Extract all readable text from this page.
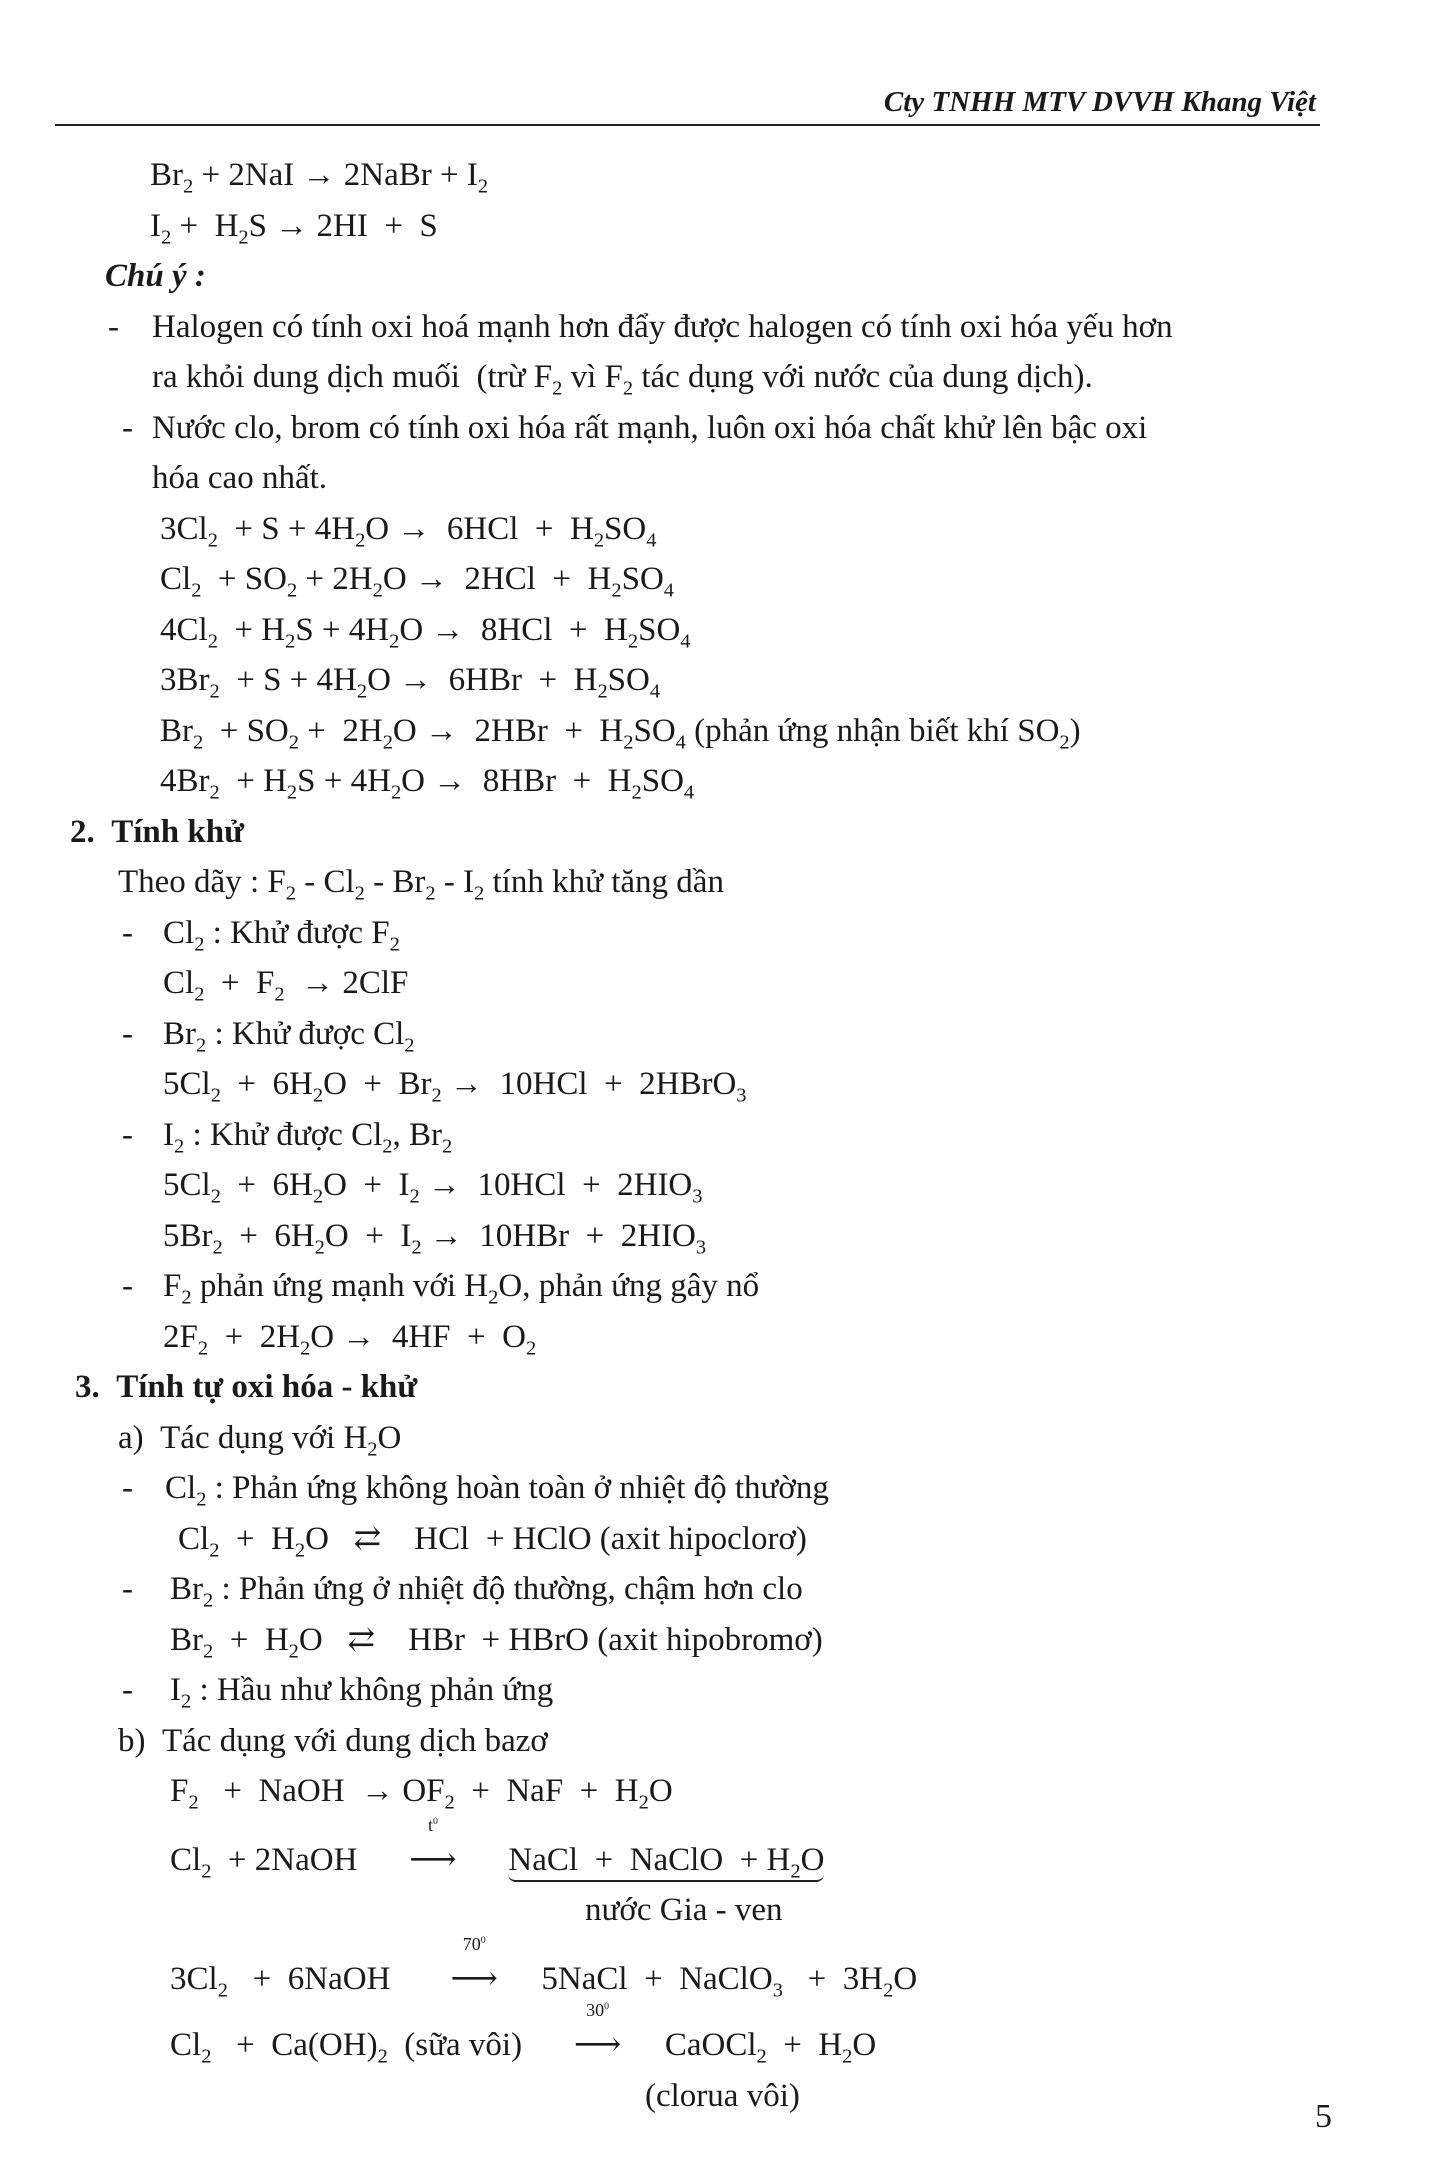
Cty TNHH MTV DVVH Khang Việt
$Br_2 + 2NaI$ → 2NaBr + $I_2$
$I_2 + H_2S \to 2HI + S$
Chú ý :
- Halogen có tính oxi hoá mạnh hơn đẩy được halogen có tính oxi hóa yếu hơn
ra khỏi dung dịch muối  (trừ $F_2$ vì $F_2$ tác dụng với nước của dung dịch).
- Nước clo, brom có tính oxi hóa rất mạnh, luôn oxi hóa chất khử lên bậc oxi
hóa cao nhất.
$3Cl_2 + S + 4H_2O \to 6HCl + H_2SO_4$
$Cl_2 + SO_2 + 2H_2O \to 2HCl + H_2SO_4$
$4Cl_2 + H_2S + 4H_2O \to 8HCl + H_2SO_4$
$3Br_2 + S + 4H_2O \to 6HBr + H_2SO_4$
$Br_2 + SO_2 + 2H_2O \to 2HBr + H_2SO_4$ (phản ứng nhận biết khí $SO_2$)
$4Br_2 + H_2S + 4H_2O \to 8HBr + H_2SO_4$
2.  Tính khử
Theo dãy : $F_2 - Cl_2 - Br_2 - I_2$ tính khử tăng dần
- $Cl_2$ : Khử được $F_2$
$Cl_2 + F_2 \to 2ClF$
- $Br_2$ : Khử được $Cl_2$
$5Cl_2 + 6H_2O + Br_2 \to 10HCl$  +  2HBrO$_3$
- $I_2$ : Khử được $Cl_2$, $Br_2$
$5Cl_2 + 6H_2O + I_2 \to 10HCl + 2HIO_3$
$5Br_2 + 6H_2O + I_2 \to 10HBr + 2HIO_3$
- $F_2$ phản ứng mạnh với $H_2O$, phản ứng gây nổ
$2F_2 + 2H_2O \to 4HF + O_2$
3.  Tính tự oxi hóa - khử
a)  Tác dụng với $H_2O$
- $Cl_2$ : Phản ứng không hoàn toàn ở nhiệt độ thường
$Cl_2 + H_2O$   ⇄    HCl  + HClO (axit hipoclorơ)
- $Br_2$ : Phản ứng ở nhiệt độ thường, chậm hơn clo
$Br_2 + H_2O$   ⇄    HBr  + HBrO (axit hipobromơ)
- $I_2$ : Hầu như không phản ứng
b)  Tác dụng với dung dịch bazơ
$F_2$   +  NaOH  → $OF_2$  +  NaF  +  $H_2O$
$Cl_2$  + 2NaOH
$t^0$
⟶ NaCl  +  NaClO  + $H_2O$
nước Gia - ven
$3Cl_2$   +  6NaOH
$70^0$
⟶ 5NaCl  +  NaClO$_3$   +  $3H_2O$
$Cl_2 + Ca(OH)_2$  (sữa vôi)
$30^0$
⟶ CaOCl$_2$  +  $H_2O$
(clorua vôi)
5
